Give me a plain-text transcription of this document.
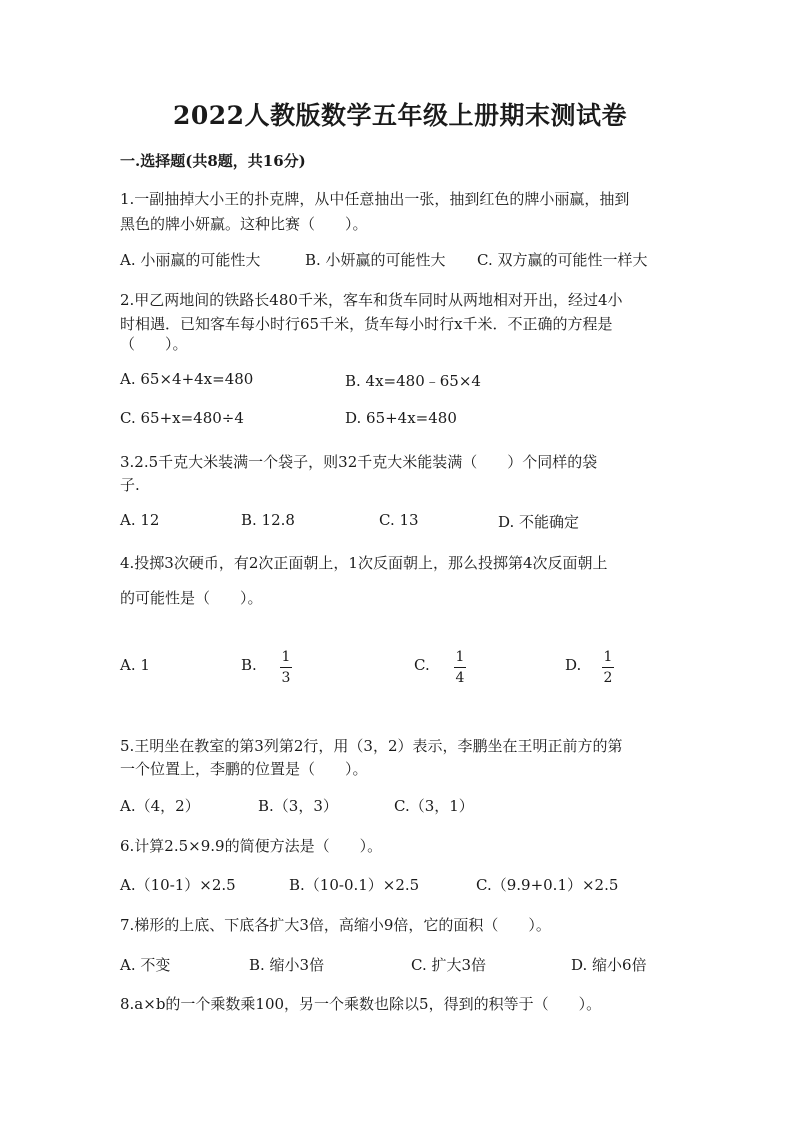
2022人教版数学五年级上册期末测试卷
一.选择题(共8题，共16分)
1.一副抽掉大小王的扑克牌，从中任意抽出一张，抽到红色的牌小丽赢，抽到
黑色的牌小妍赢。这种比赛（　　）。
A. 小丽赢的可能性大	B. 小妍赢的可能性大 C. 双方赢的可能性一样大
2.甲乙两地间的铁路长480千米，客车和货车同时从两地相对开出，经过4小
时相遇．已知客车每小时行65千米，货车每小时行x千米．不正确的方程是
（　　）。
A. 65×4+4x=480	B. 4x=480﹣65×4
C. 65+x=480÷4	D. 65+4x=480
3.2.5千克大米装满一个袋子，则32千克大米能装满（　　）个同样的袋
子.
A. 12	B. 12.8	C. 13	D. 不能确定
4.投掷3次硬币，有2次正面朝上，1次反面朝上，那么投掷第4次反面朝上
的可能性是（　　）。
A. 1	B. 1
3
C. 1
4
D. 1
2
5.王明坐在教室的第3列第2行，用（3，2）表示，李鹏坐在王明正前方的第
一个位置上，李鹏的位置是（　　）。
A.（4，2）	B.（3，3）	C.（3，1）
6.计算2.5×9.9的简便方法是（　　）。
A.（10-1）×2.5	B.（10-0.1）×2.5	C.（9.9+0.1）×2.5
7.梯形的上底、下底各扩大3倍，高缩小9倍，它的面积（　　）。
A. 不变	B. 缩小3倍	C. 扩大3倍	D. 缩小6倍
8.a×b的一个乘数乘100，另一个乘数也除以5，得到的积等于（　　）。
